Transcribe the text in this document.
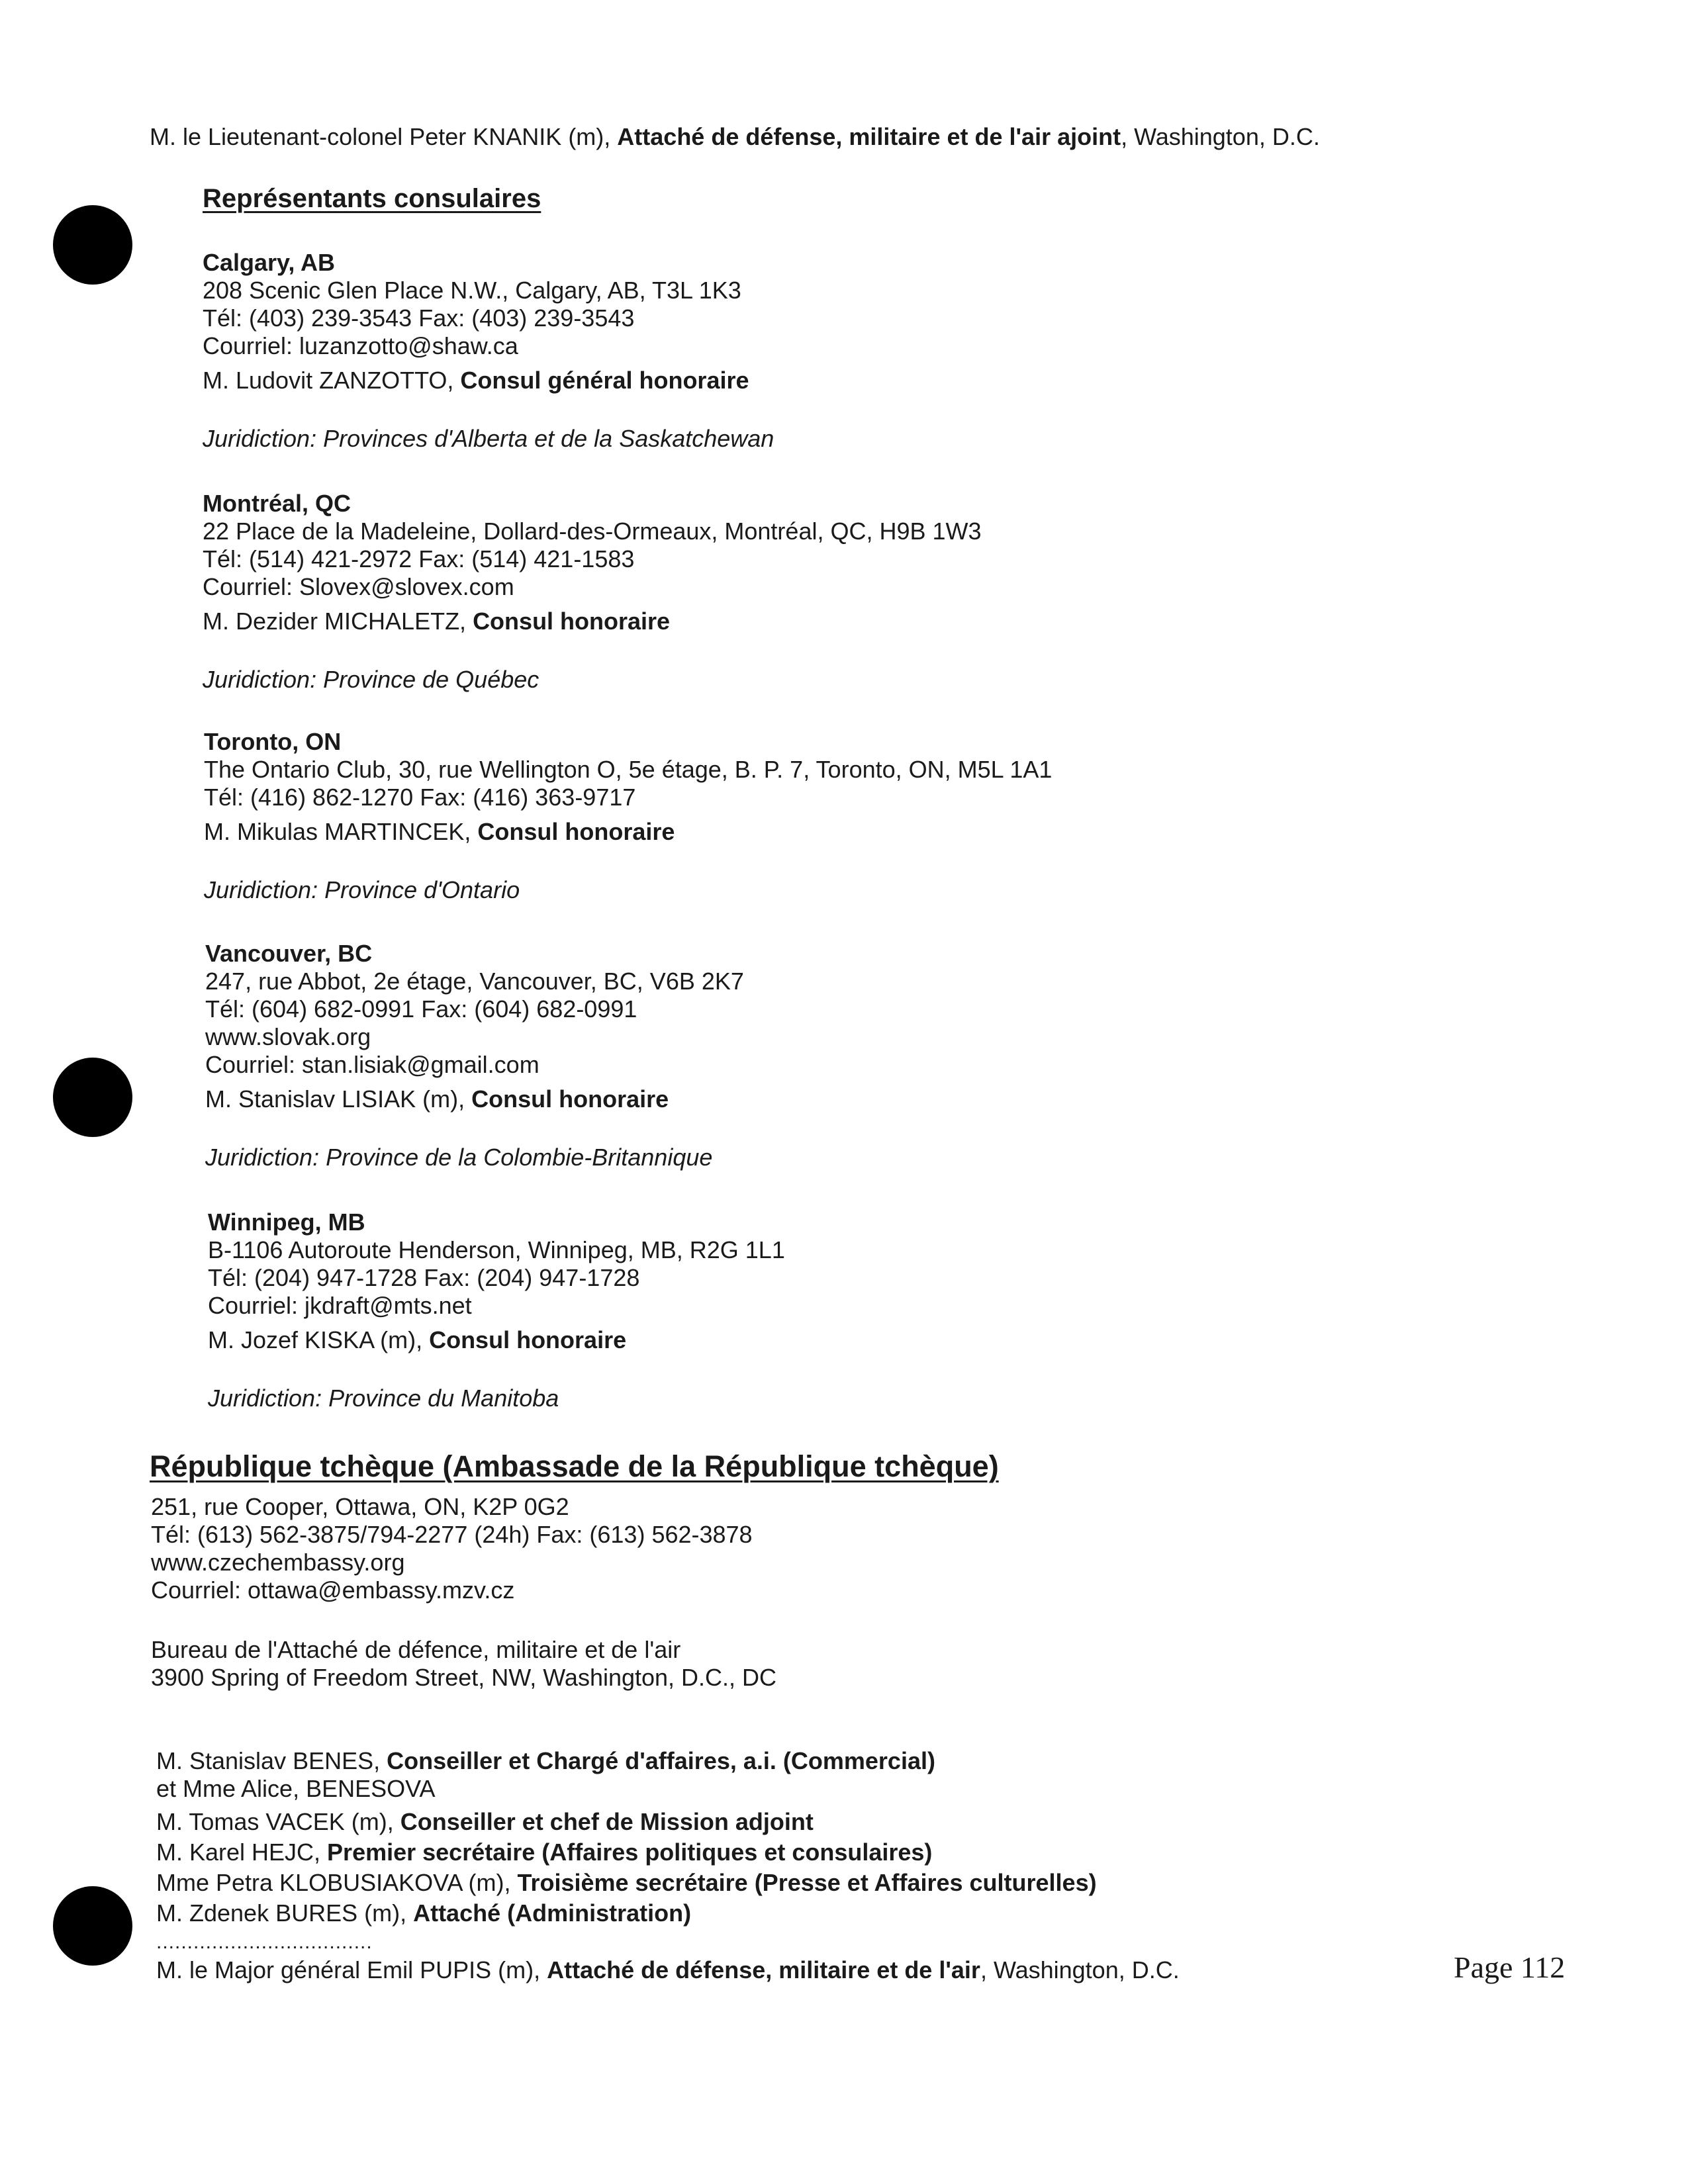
M. le Lieutenant-colonel Peter KNANIK (m), Attaché de défense, militaire et de l'air ajoint, Washington, D.C.
Représentants consulaires
Calgary, AB
208 Scenic Glen Place N.W., Calgary, AB, T3L 1K3
Tél: (403) 239-3543 Fax: (403) 239-3543
Courriel: luzanzotto@shaw.ca
M. Ludovit ZANZOTTO, Consul général honoraire
Juridiction: Provinces d'Alberta et de la Saskatchewan
Montréal, QC
22 Place de la Madeleine, Dollard-des-Ormeaux, Montréal, QC, H9B 1W3
Tél: (514) 421-2972 Fax: (514) 421-1583
Courriel: Slovex@slovex.com
M. Dezider MICHALETZ, Consul honoraire
Juridiction: Province de Québec
Toronto, ON
The Ontario Club, 30, rue Wellington O, 5e étage, B. P. 7, Toronto, ON, M5L 1A1
Tél: (416) 862-1270 Fax: (416) 363-9717
M. Mikulas MARTINCEK, Consul honoraire
Juridiction: Province d'Ontario
Vancouver, BC
247, rue Abbot, 2e étage, Vancouver, BC, V6B 2K7
Tél: (604) 682-0991 Fax: (604) 682-0991
www.slovak.org
Courriel: stan.lisiak@gmail.com
M. Stanislav LISIAK (m), Consul honoraire
Juridiction: Province de la Colombie-Britannique
Winnipeg, MB
B-1106 Autoroute Henderson, Winnipeg, MB, R2G 1L1
Tél: (204) 947-1728 Fax: (204) 947-1728
Courriel: jkdraft@mts.net
M. Jozef KISKA (m), Consul honoraire
Juridiction: Province du Manitoba
République tchèque (Ambassade de la République tchèque)
251, rue Cooper, Ottawa, ON, K2P 0G2
Tél: (613) 562-3875/794-2277 (24h) Fax: (613) 562-3878
www.czechembassy.org
Courriel: ottawa@embassy.mzv.cz
Bureau de l'Attaché de défence, militaire et de l'air
3900 Spring of Freedom Street, NW, Washington, D.C., DC
M. Stanislav BENES, Conseiller et Chargé d'affaires, a.i. (Commercial)
et Mme Alice, BENESOVA
M. Tomas VACEK (m), Conseiller et chef de Mission adjoint
M. Karel HEJC, Premier secrétaire (Affaires politiques et consulaires)
Mme Petra KLOBUSIAKOVA (m), Troisième secrétaire (Presse et Affaires culturelles)
M. Zdenek BURES (m), Attaché (Administration)
...................................
M. le Major général Emil PUPIS (m), Attaché de défense, militaire et de l'air, Washington, D.C.	Page 112
